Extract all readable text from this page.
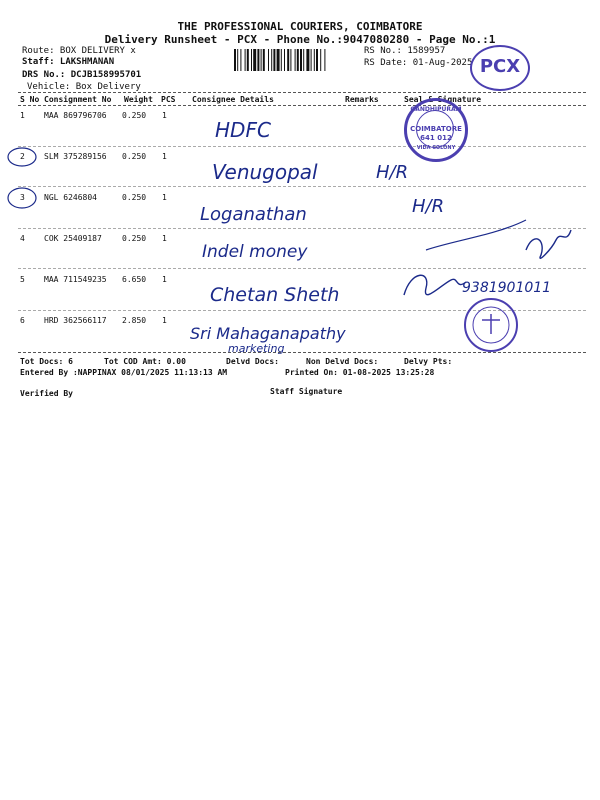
THE PROFESSIONAL COURIERS, COIMBATORE
Delivery Runsheet - PCX - Phone No.:9047080280 - Page No.:1
Route: BOX DELIVERY x
Staff: LAKSHMANAN
DRS No.: DCJB158995701
Vehicle: Box Delivery
RS No.: 1589957
RS Date: 01-Aug-2025 PCX
S No Consignment No Weight PCS Consignee Details	Remarks	Seal & Signature
1 MAA 869796706 0.250 1
HDFC
2 SLM 375289156 0.250 1
Venugopal	H/R
3 NGL 6246804	0.250 1
Loganathan	H/R
4 COK 25409187	0.250 1
Indel money
5 MAA 711549235 6.650 1
Chetan Sheth	9381901011
6 HRD 362566117 2.850 1
Sri Mahaganapathy
marketing
COIMBATORE
641 012
GANDHIPURAM
VIDA COLONY
Tot Docs: 6	Tot COD Amt: 0.00	Delvd Docs:	Non Delvd Docs:	Delvy Pts:
Entered By :NAPPINAX 08/01/2025 11:13:13 AM	Printed On: 01-08-2025 13:25:28
Verified By	Staff Signature
